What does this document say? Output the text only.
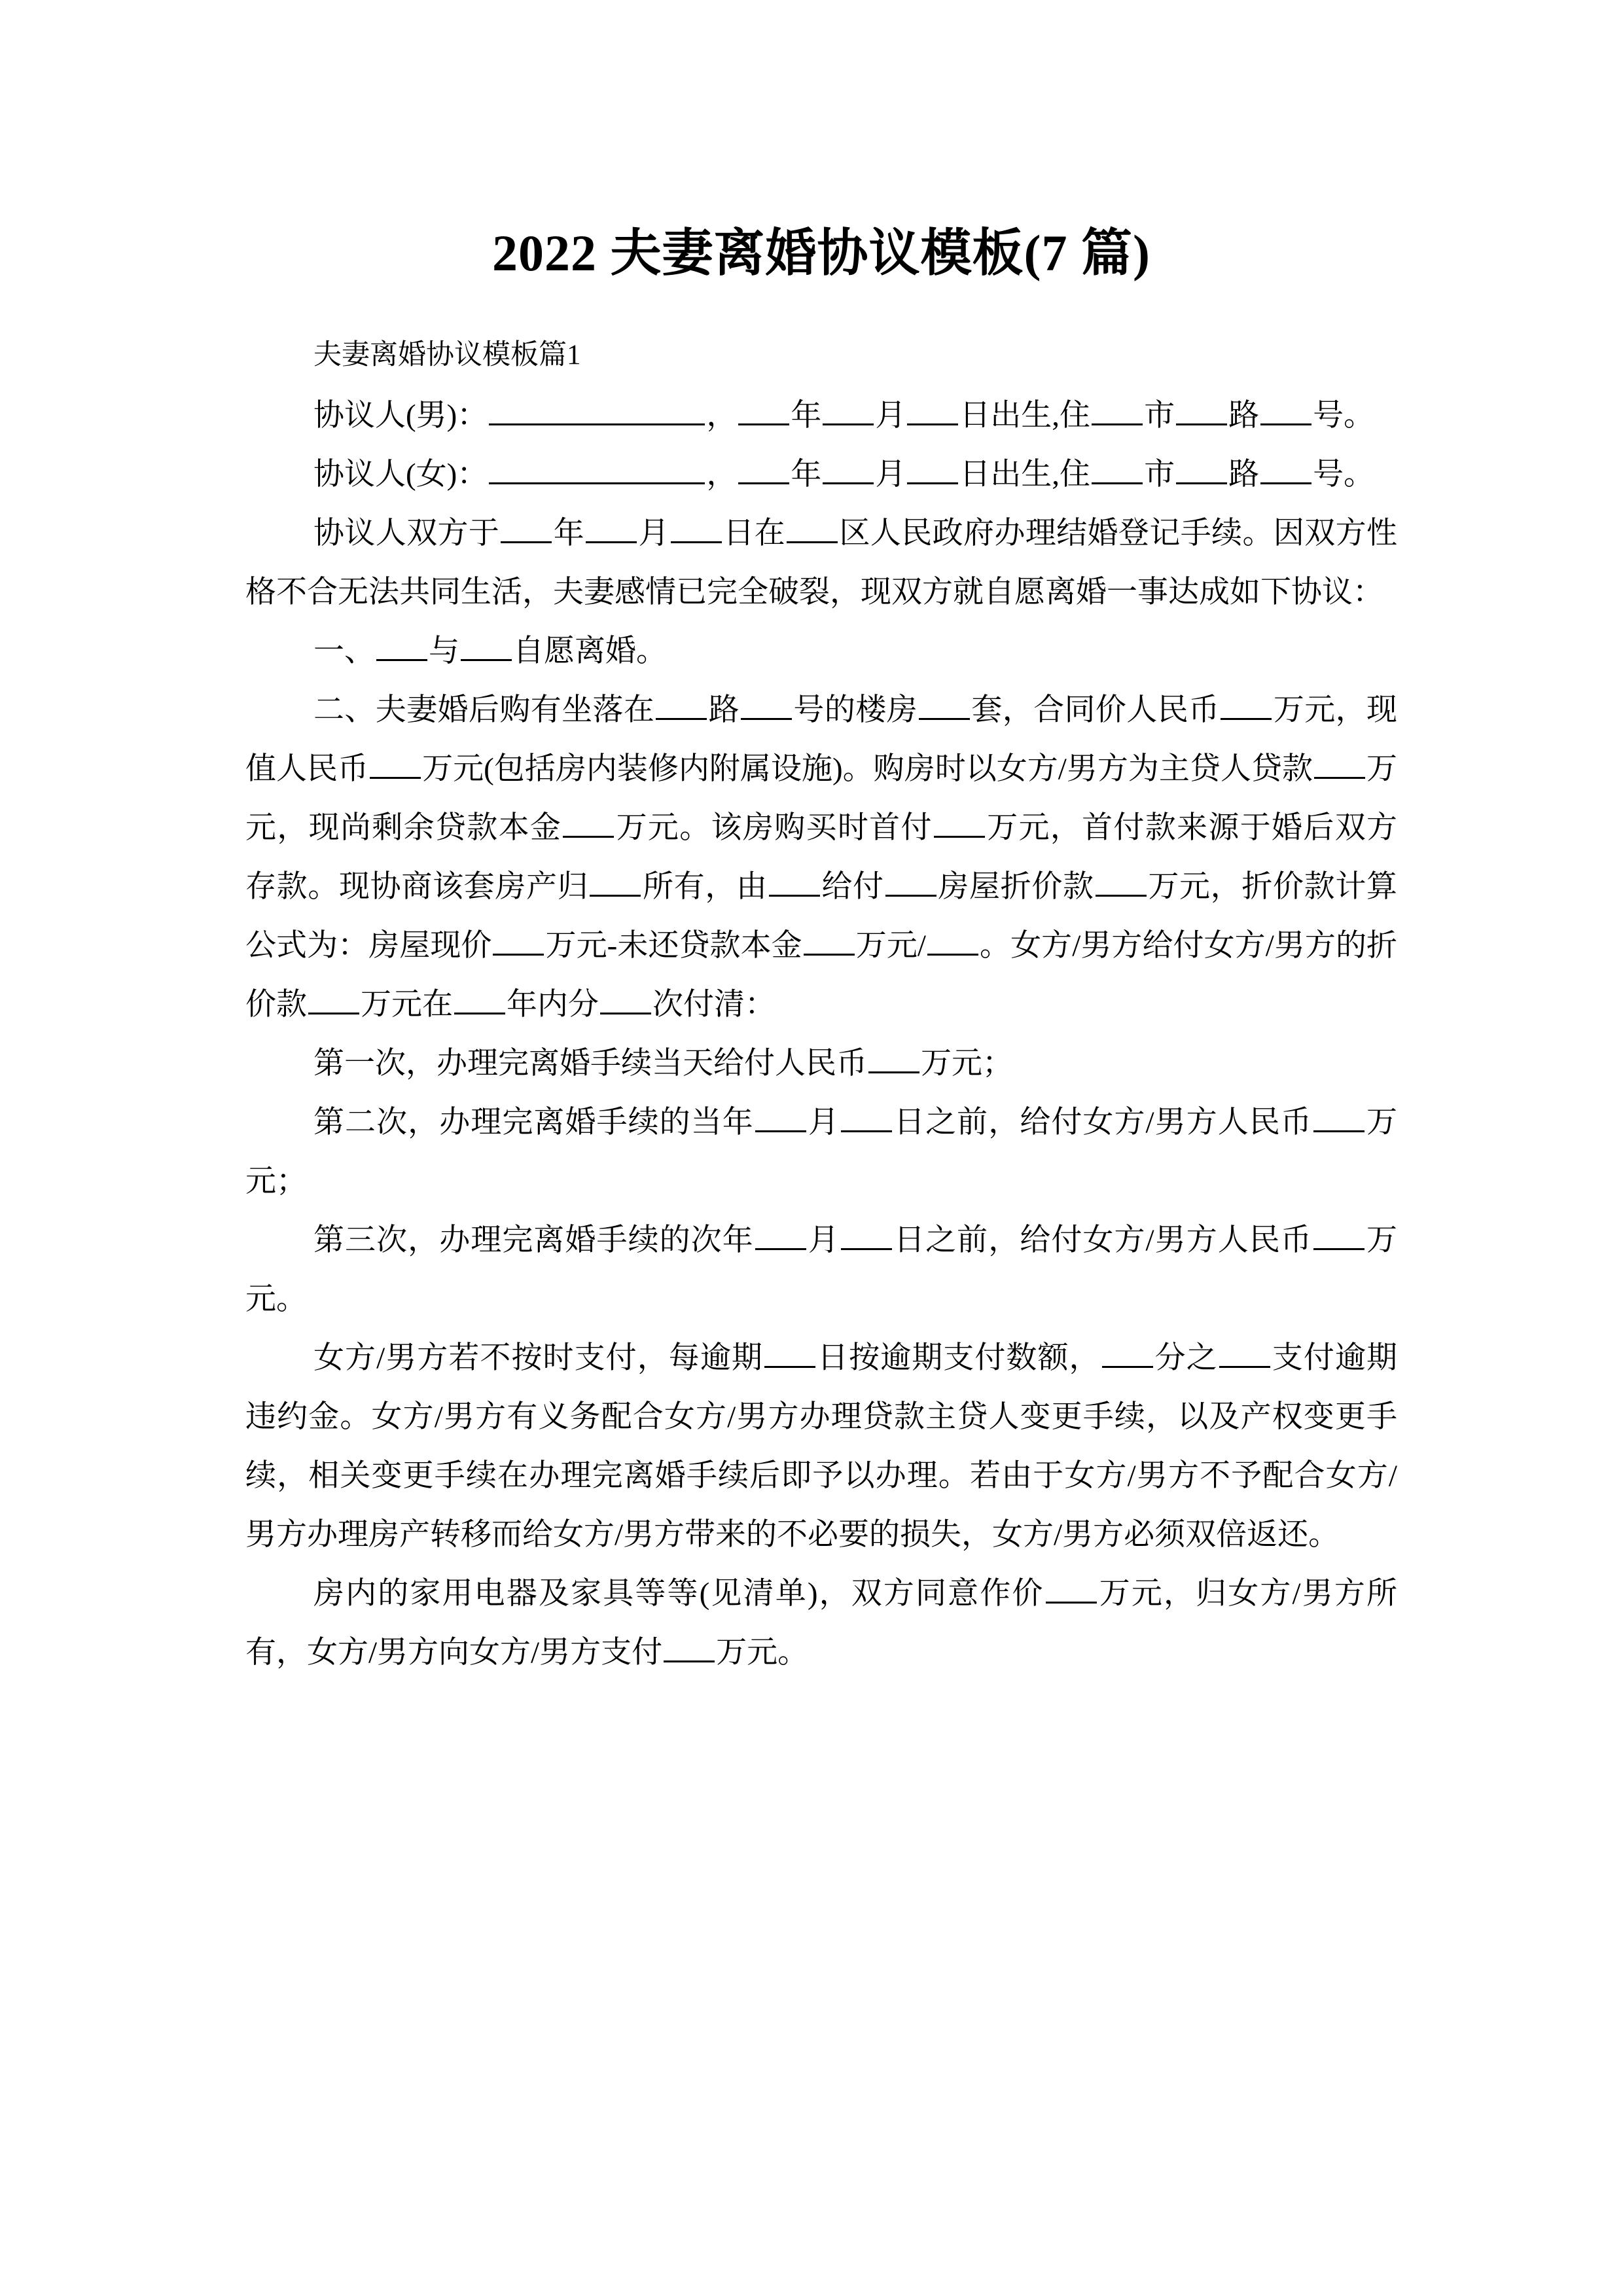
2022 夫妻离婚协议模板(7 篇)

夫妻离婚协议模板篇1

协议人(男)：	， 年 月 日出生,住 市 路 号。

协议人(女)：	， 年 月 日出生,住 市 路 号。

协议人双方于 年 月 日在 区人民政府办理结婚登记手续。因双方性格不合无法共同生活，夫妻感情已完全破裂，现双方就自愿离婚一事达成如下协议：

一、 与 自愿离婚。

二、夫妻婚后购有坐落在 路 号的楼房 套，合同价人民币 万元，现值人民币 万元(包括房内装修内附属设施)。购房时以女方/男方为主贷人贷款 万元，现尚剩余贷款本金 万元。该房购买时首付 万元，首付款来源于婚后双方存款。现协商该套房产归 所有，由 给付 房屋折价款 万元，折价款计算公式为：房屋现价 万元-未还贷款本金 万元/ 。女方/男方给付女方/男方的折价款 万元在 年内分 次付清：

第一次，办理完离婚手续当天给付人民币 万元；

第二次，办理完离婚手续的当年 月 日之前，给付女方/男方人民币 万元；

第三次，办理完离婚手续的次年 月 日之前，给付女方/男方人民币 万元。

女方/男方若不按时支付，每逾期 日按逾期支付数额， 分之 支付逾期违约金。女方/男方有义务配合女方/男方办理贷款主贷人变更手续，以及产权变更手续，相关变更手续在办理完离婚手续后即予以办理。若由于女方/男方不予配合女方/男方办理房产转移而给女方/男方带来的不必要的损失，女方/男方必须双倍返还。

房内的家用电器及家具等等(见清单)，双方同意作价 万元，归女方/男方所有，女方/男方向女方/男方支付 万元。
